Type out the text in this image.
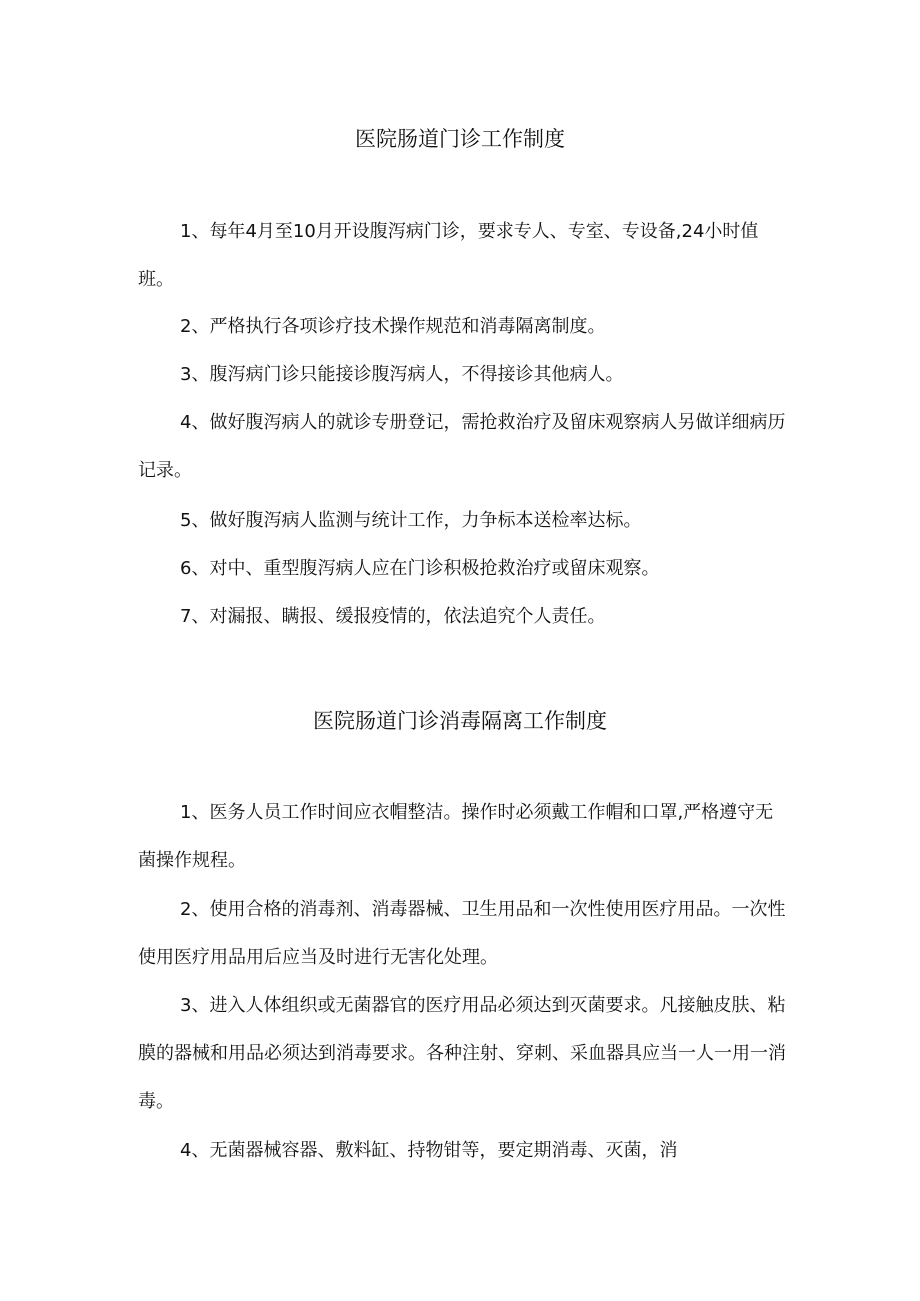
医院肠道门诊工作制度

1、每年4月至10月开设腹泻病门诊，要求专人、专室、专设备,24小时值班。

2、严格执行各项诊疗技术操作规范和消毒隔离制度。

3、腹泻病门诊只能接诊腹泻病人，不得接诊其他病人。

4、做好腹泻病人的就诊专册登记，需抢救治疗及留床观察病人另做详细病历记录。

5、做好腹泻病人监测与统计工作，力争标本送检率达标。

6、对中、重型腹泻病人应在门诊积极抢救治疗或留床观察。

7、对漏报、瞒报、缓报疫情的，依法追究个人责任。

医院肠道门诊消毒隔离工作制度

1、医务人员工作时间应衣帽整洁。操作时必须戴工作帽和口罩,严格遵守无菌操作规程。

2、使用合格的消毒剂、消毒器械、卫生用品和一次性使用医疗用品。一次性使用医疗用品用后应当及时进行无害化处理。

3、进入人体组织或无菌器官的医疗用品必须达到灭菌要求。凡接触皮肤、粘膜的器械和用品必须达到消毒要求。各种注射、穿刺、采血器具应当一人一用一消毒。

4、无菌器械容器、敷料缸、持物钳等，要定期消毒、灭菌，消
